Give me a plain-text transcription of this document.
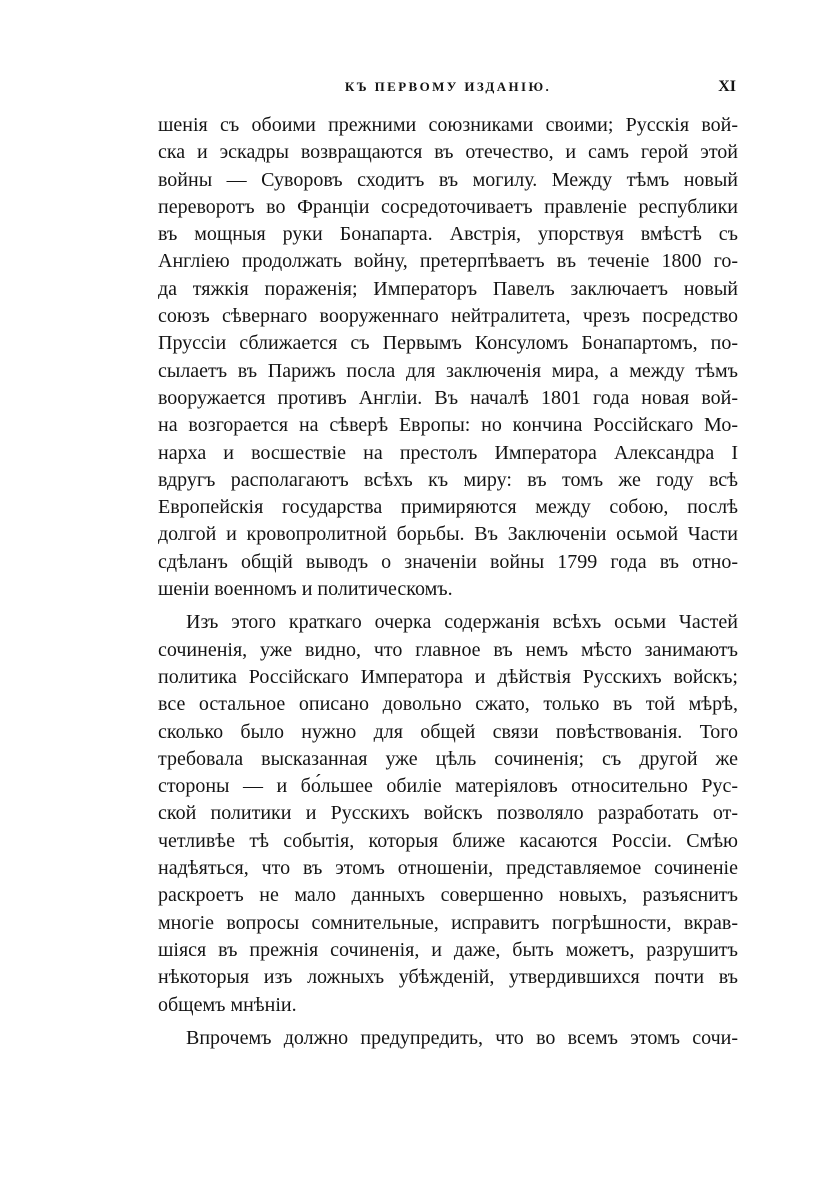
КЪ ПЕРВОМУ ИЗДАНІЮ.	XI
шенія съ обоими прежними союзниками своими; Русскія вой-
ска и эскадры возвращаются въ отечество, и самъ герой этой
войны — Суворовъ сходитъ въ могилу. Между тѣмъ новый
переворотъ во Франціи сосредоточиваетъ правленіе республики
въ мощныя руки Бонапарта. Австрія, упорствуя вмѣстѣ съ
Англіею продолжать войну, претерпѣваетъ въ теченіе 1800 го-
да тяжкія пораженія; Императоръ Павелъ заключаетъ новый
союзъ сѣвернаго вооруженнаго нейтралитета, чрезъ посредство
Пруссіи сближается съ Первымъ Консуломъ Бонапартомъ, по-
сылаетъ въ Парижъ посла для заключенія мира, а между тѣмъ
вооружается противъ Англіи. Въ началѣ 1801 года новая вой-
на возгорается на сѣверѣ Европы: но кончина Россійскаго Мо-
нарха и восшествіе на престолъ Императора Александра I
вдругъ располагаютъ всѣхъ къ миру: въ томъ же году всѣ
Европейскія государства примиряются между собою, послѣ
долгой и кровопролитной борьбы. Въ Заключеніи осьмой Части
сдѣланъ общій выводъ о значеніи войны 1799 года въ отно-
шеніи военномъ и политическомъ.
Изъ этого краткаго очерка содержанія всѣхъ осьми Частей
сочиненія, уже видно, что главное въ немъ мѣсто занимаютъ
политика Россійскаго Императора и дѣйствія Русскихъ войскъ;
все остальное описано довольно сжато, только въ той мѣрѣ,
сколько было нужно для общей связи повѣствованія. Того
требовала высказанная уже цѣль сочиненія; съ другой же
стороны — и бо́льшее обиліе матеріяловъ относительно Рус-
ской политики и Русскихъ войскъ позволяло разработать от-
четливѣе тѣ событія, которыя ближе касаются Россіи. Смѣю
надѣяться, что въ этомъ отношеніи, представляемое сочиненіе
раскроетъ не мало данныхъ совершенно новыхъ, разъяснитъ
многіе вопросы сомнительные, исправитъ погрѣшности, вкрав-
шіяся въ прежнія сочиненія, и даже, быть можетъ, разрушитъ
нѣкоторыя изъ ложныхъ убѣжденій, утвердившихся почти въ
общемъ мнѣніи.
Впрочемъ должно предупредить, что во всемъ этомъ сочи-
